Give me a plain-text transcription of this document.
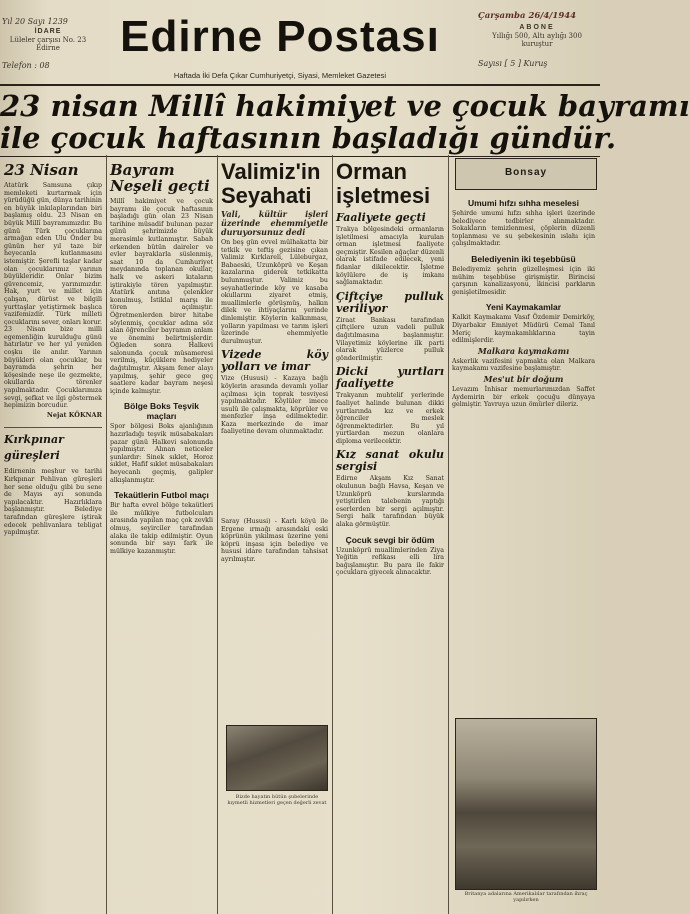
Yıl 20 Sayı 1239
İDARE
Lüleler çarşısı No. 23 Edirne
Telefon : 08
Edirne Postası
Haftada İki Defa Çıkar Cumhuriyetçi, Siyasi, Memleket Gazetesi
Çarşamba 26/4/1944
ABONE
Yıllığı 500, Altı aylığı 300 kuruştur
Sayısı [ 5 ] Kuruş
23 nisan Millî hakimiyet ve çocuk bayramı
ile çocuk haftasının başladığı gündür.
23 Nisan
Atatürk Samsuna çıkıp memleketi kurtarmak için yürüdüğü gün, dünya tarihinin en büyük inkılaplarından biri başlamış oldu. 23 Nisan en büyük Millî bayramımızdır. Bu günü Türk çocuklarına armağan eden Ulu Önder bu günün her yıl taze bir heyecanla kutlanmasını istemiştir. Şerefli taşlar kadar olan çocuklarımız yarının büyükleridir. Onlar bizim güvencemiz, yarınımızdır. Hak, yurt ve millet için çalışan, dürüst ve bilgili yurttaşlar yetiştirmek başlıca vazifemizdir. Türk milleti çocuklarını sever, onları korur. 23 Nisan bize milli egemenliğin kurulduğu günü hatırlatır ve her yıl yeniden coşku ile anılır. Yarının büyükleri olan çocuklar, bu bayramda şehrin her köşesinde neşe ile gezmekte, okullarda törenler yapılmaktadır. Çocuklarımıza sevgi, şefkat ve ilgi göstermek hepimizin borcudur.
Nejat KÖKNAR
Kırkpınar güreşleri
Edirnenin meşhur ve tarihi Kırkpınar Pehlivan güreşleri her sene olduğu gibi bu sene de Mayıs ayı sonunda yapılacaktır. Hazırlıklara başlanmıştır. Belediye tarafından güreşlere iştirak edecek pehlivanlara tebligat yapılmıştır.
Bayram Neşeli geçti
Millî hakimiyet ve çocuk bayramı ile çocuk haftasının başladığı gün olan 23 Nisan tarihine müsadif bulunan pazar günü şehrimizde büyük merasimle kutlanmıştır. Sabah erkenden bütün daireler ve evler bayraklarla süslenmiş, saat 10 da Cumhuriyet meydanında toplanan okullar, halk ve askeri kıtaların iştirakiyle tören yapılmıştır. Atatürk anıtına çelenkler konulmuş, İstiklal marşı ile tören açılmıştır. Öğretmenlerden birer hitabe söylenmiş, çocuklar adına söz alan öğrenciler bayramın anlam ve önemini belirtmişlerdir. Öğleden sonra Halkevi salonunda çocuk müsameresi verilmiş, küçüklere hediyeler dağıtılmıştır. Akşam fener alayı yapılmış, şehir gece geç saatlere kadar bayram neşesi içinde kalmıştır.
Bölge Boks Teşvik maçları
Spor bölgesi Boks ajanlığının hazırladığı teşvik müsabakaları pazar günü Halkevi salonunda yapılmıştır. Alınan neticeler şunlardır: Sinek sıklet, Horoz sıklet, Hafif sıklet müsabakaları heyecanlı geçmiş, galipler alkışlanmıştır.
Tekaütlerin Futbol maçı
Bir hafta evvel bölge tekaütleri ile mülkiye futbolcuları arasında yapılan maç çok zevkli olmuş, seyirciler tarafından alaka ile takip edilmiştir. Oyun sonunda bir sayı fark ile mülkiye kazanmıştır.
Valimiz'in Seyahati
Vali, kültür işleri üzerinde ehemmiyetle duruyorsunuz dedi
On beş gün evvel mülhakatta bir tetkik ve teftiş gezisine çıkan Valimiz Kırklareli, Lüleburgaz, Babaeski, Uzunköprü ve Keşan kazalarına giderek tetkikatta bulunmuştur. Valimiz bu seyahatlerinde köy ve kasaba okullarını ziyaret etmiş, muallimlerle görüşmüş, halkın dilek ve ihtiyaçlarını yerinde dinlemiştir. Köylerin kalkınması, yolların yapılması ve tarım işleri üzerinde ehemmiyetle durulmuştur.
Vizede köy yolları ve imar
Vize (Hususi) - Kazaya bağlı köylerin arasında devamlı yollar açılması için toprak tesviyesi yapılmaktadır. Köylüler imece usulü ile çalışmakta, köprüler ve menfezler inşa edilmektedir. Kaza merkezinde de imar faaliyetine devam olunmaktadır.
Saray (Hususi) - Karlı köyü ile Ergene ırmağı arasındaki eski köprünün yıkılması üzerine yeni köprü inşası için belediye ve hususi idare tarafından tahsisat ayrılmıştır.
Bizde hayatın bütün şubelerinde kıymetli hizmetleri geçen değerli zevat
Orman işletmesi
Faaliyete geçti
Trakya bölgesindeki ormanların işletilmesi amacıyla kurulan orman işletmesi faaliyete geçmiştir. Kesilen ağaçlar düzenli olarak istifade edilecek, yeni fidanlar dikilecektir. İşletme köylülere de iş imkanı sağlamaktadır.
Çiftçiye pulluk veriliyor
Ziraat Bankası tarafından çiftçilere uzun vadeli pulluk dağıtılmasına başlanmıştır. Vilayetimiz köylerine ilk parti olarak yüzlerce pulluk gönderilmiştir.
Dicki yurtları faaliyette
Trakyanın muhtelif yerlerinde faaliyet halinde bulunan dikki yurtlarında kız ve erkek öğrenciler meslek öğrenmektedirler. Bu yıl yurtlardan mezun olanlara diploma verilecektir.
Kız sanat okulu sergisi
Edirne Akşam Kız Sanat okulunun bağlı Havsa, Keşan ve Uzunköprü kurslarında yetiştirilen talebenin yaptığı eserlerden bir sergi açılmıştır. Sergi halk tarafından büyük alaka görmüştür.
Çocuk sevgi bir ödüm
Uzunköprü muallimlerinden Ziya Yeğitin refikası elli lira bağışlamıştır. Bu para ile fakir çocuklara giyecek alınacaktır.
Bonsay
Umumi hıfzı sıhha meselesi
Şehirde umumi hıfzı sıhha işleri üzerinde belediyece tedbirler alınmaktadır. Sokakların temizlenmesi, çöplerin düzenli toplanması ve su şebekesinin ıslahı için çalışılmaktadır.
Belediyenin iki teşebbüsü
Belediyemiz şehrin güzelleşmesi için iki mühim teşebbüse girişmiştir. Birincisi çarşının kanalizasyonu, ikincisi parkların genişletilmesidir.
Yeni Kaymakamlar
Kalkit Kaymakamı Vasıf Özdemir Demirköy, Diyarbakır Emniyet Müdürü Cemal Tanıl Meriç kaymakamlıklarına tayin edilmişlerdir.
Malkara kaymakamı
Askerlik vazifesini yapmakta olan Malkara kaymakamı vazifesine başlamıştır.
Mes'ut bir doğum
Levazım İnhisar memurlarımızdan Saffet Aydemirin bir erkek çocuğu dünyaya gelmiştir. Yavruya uzun ömürler dileriz.
Britanya adalarına Amerikalılar tarafından ihraç yapılırken
